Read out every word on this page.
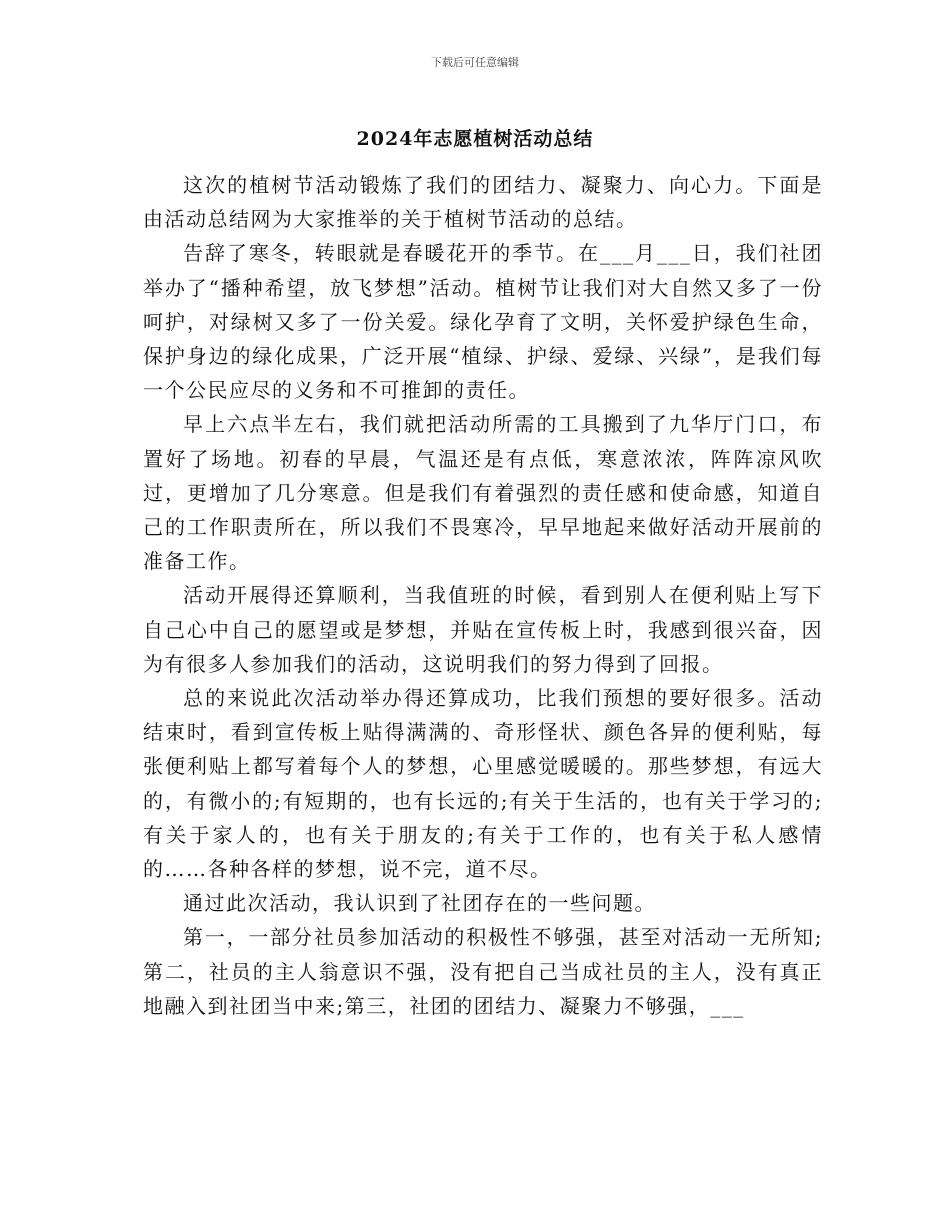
下载后可任意编辑
2024年志愿植树活动总结

这次的植树节活动锻炼了我们的团结力、凝聚力、向心力。下面是由活动总结网为大家推举的关于植树节活动的总结。

告辞了寒冬，转眼就是春暖花开的季节。在___月___日，我们社团举办了“播种希望，放飞梦想”活动。植树节让我们对大自然又多了一份呵护，对绿树又多了一份关爱。绿化孕育了文明，关怀爱护绿色生命，保护身边的绿化成果，广泛开展“植绿、护绿、爱绿、兴绿”，是我们每一个公民应尽的义务和不可推卸的责任。

早上六点半左右，我们就把活动所需的工具搬到了九华厅门口，布置好了场地。初春的早晨，气温还是有点低，寒意浓浓，阵阵凉风吹过，更增加了几分寒意。但是我们有着强烈的责任感和使命感，知道自己的工作职责所在，所以我们不畏寒冷，早早地起来做好活动开展前的准备工作。

活动开展得还算顺利，当我值班的时候，看到别人在便利贴上写下自己心中自己的愿望或是梦想，并贴在宣传板上时，我感到很兴奋，因为有很多人参加我们的活动，这说明我们的努力得到了回报。

总的来说此次活动举办得还算成功，比我们预想的要好很多。活动结束时，看到宣传板上贴得满满的、奇形怪状、颜色各异的便利贴，每张便利贴上都写着每个人的梦想，心里感觉暖暖的。那些梦想，有远大的，有微小的;有短期的，也有长远的;有关于生活的，也有关于学习的;有关于家人的，也有关于朋友的;有关于工作的，也有关于私人感情的……各种各样的梦想，说不完，道不尽。

通过此次活动，我认识到了社团存在的一些问题。

第一，一部分社员参加活动的积极性不够强，甚至对活动一无所知;第二，社员的主人翁意识不强，没有把自己当成社员的主人，没有真正地融入到社团当中来;第三，社团的团结力、凝聚力不够强，___
